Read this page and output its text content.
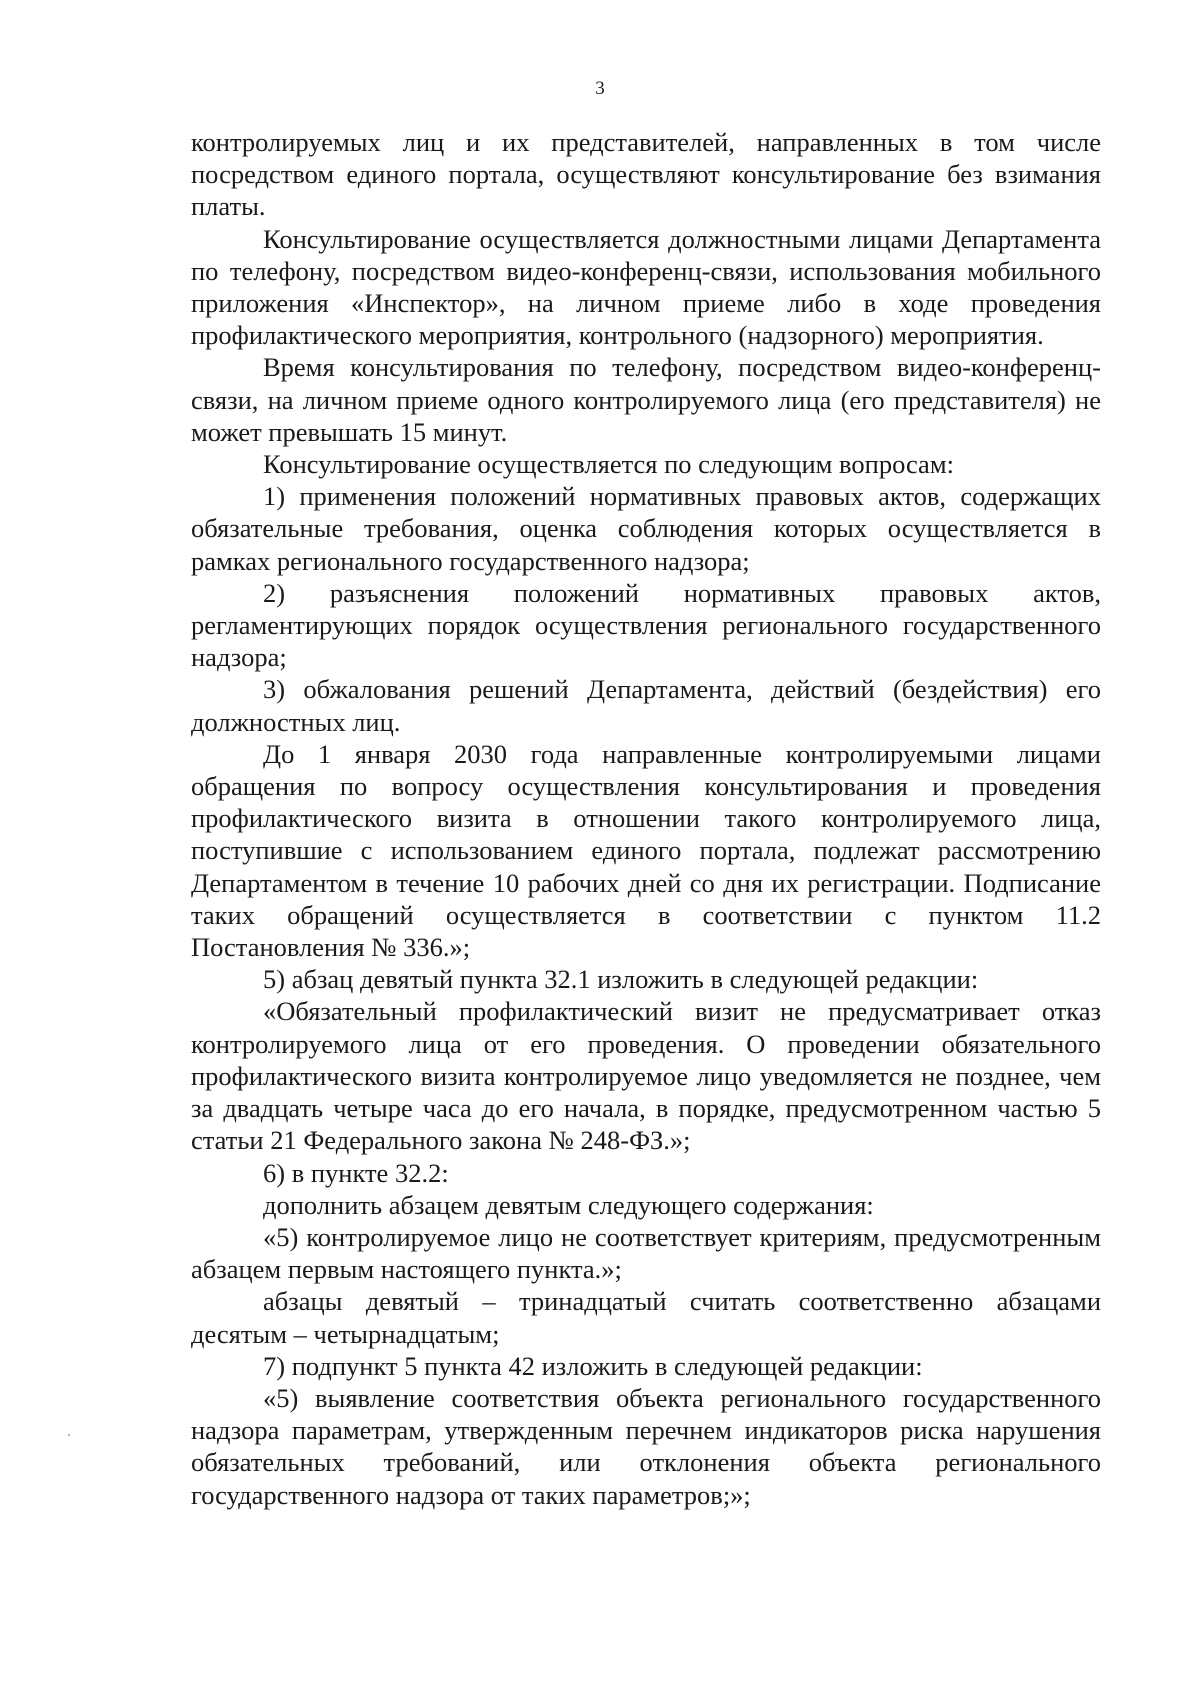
3

контролируемых лиц и их представителей, направленных в том числе посредством единого портала, осуществляют консультирование без взимания платы.

Консультирование осуществляется должностными лицами Департамента по телефону, посредством видео-конференц-связи, использования мобильного приложения «Инспектор», на личном приеме либо в ходе проведения профилактического мероприятия, контрольного (надзорного) мероприятия.

Время консультирования по телефону, посредством видео-конференц-связи, на личном приеме одного контролируемого лица (его представителя) не может превышать 15 минут.

Консультирование осуществляется по следующим вопросам:

1) применения положений нормативных правовых актов, содержащих обязательные требования, оценка соблюдения которых осуществляется в рамках регионального государственного надзора;

2) разъяснения положений нормативных правовых актов, регламентирующих порядок осуществления регионального государственного надзора;

3) обжалования решений Департамента, действий (бездействия) его должностных лиц.

До 1 января 2030 года направленные контролируемыми лицами обращения по вопросу осуществления консультирования и проведения профилактического визита в отношении такого контролируемого лица, поступившие с использованием единого портала, подлежат рассмотрению Департаментом в течение 10 рабочих дней со дня их регистрации. Подписание таких обращений осуществляется в соответствии с пунктом 11.2 Постановления № 336.»;

5) абзац девятый пункта 32.1 изложить в следующей редакции:

«Обязательный профилактический визит не предусматривает отказ контролируемого лица от его проведения. О проведении обязательного профилактического визита контролируемое лицо уведомляется не позднее, чем за двадцать четыре часа до его начала, в порядке, предусмотренном частью 5 статьи 21 Федерального закона № 248-ФЗ.»;

6) в пункте 32.2:

дополнить абзацем девятым следующего содержания:

«5) контролируемое лицо не соответствует критериям, предусмотренным абзацем первым настоящего пункта.»;

абзацы девятый – тринадцатый считать соответственно абзацами десятым – четырнадцатым;

7) подпункт 5 пункта 42 изложить в следующей редакции:

«5) выявление соответствия объекта регионального государственного надзора параметрам, утвержденным перечнем индикаторов риска нарушения обязательных требований, или отклонения объекта регионального государственного надзора от таких параметров;»;
